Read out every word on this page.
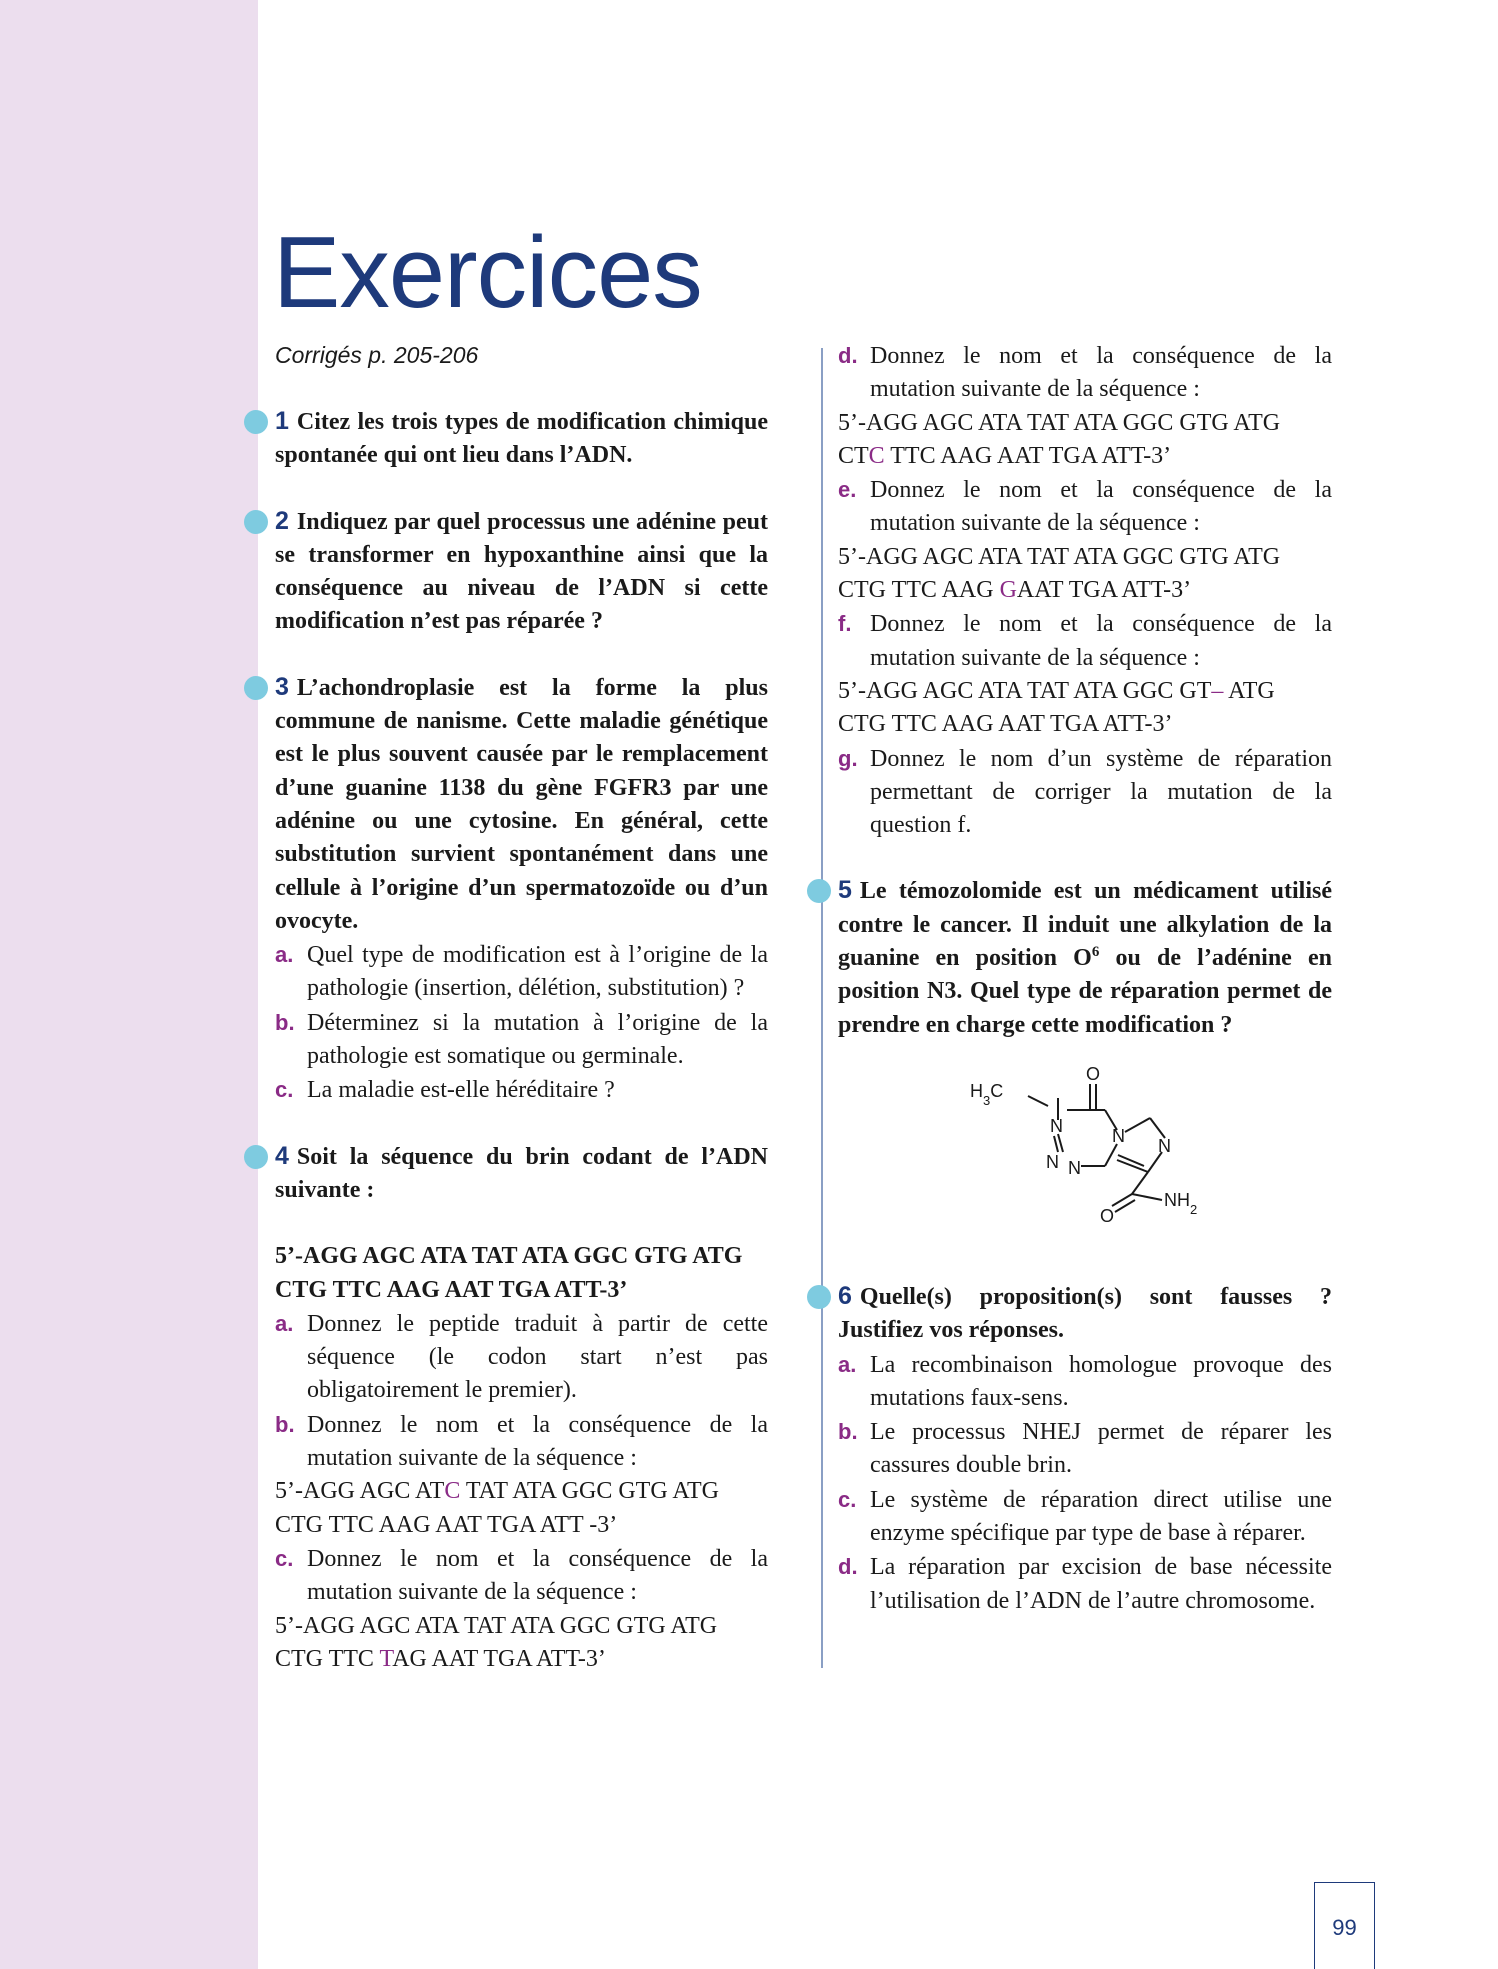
Exercices
Corrigés p. 205-206

1 Citez les trois types de modification chimique spontanée qui ont lieu dans l’ADN.

2 Indiquez par quel processus une adénine peut se transformer en hypoxanthine ainsi que la conséquence au niveau de l’ADN si cette modification n’est pas réparée ?

3 L’achondroplasie est la forme la plus commune de nanisme. Cette maladie génétique est le plus souvent causée par le remplacement d’une guanine 1138 du gène FGFR3 par une adénine ou une cytosine. En général, cette substitution survient spontanément dans une cellule à l’origine d’un spermatozoïde ou d’un ovocyte.

a. Quel type de modification est à l’origine de la pathologie (insertion, délétion, substitution) ?

b. Déterminez si la mutation à l’origine de la pathologie est somatique ou germinale.

c. La maladie est-elle héréditaire ?

4 Soit la séquence du brin codant de l’ADN suivante :

5’-AGG AGC ATA TAT ATA GGC GTG ATG

CTG TTC AAG AAT TGA ATT-3’

a. Donnez le peptide traduit à partir de cette séquence (le codon start n’est pas obligatoirement le premier).

b. Donnez le nom et la conséquence de la mutation suivante de la séquence :

5’-AGG AGC ATC TAT ATA GGC GTG ATG

CTG TTC AAG AAT TGA ATT -3’

c. Donnez le nom et la conséquence de la mutation suivante de la séquence :

5’-AGG AGC ATA TAT ATA GGC GTG ATG

CTG TTC TAG AAT TGA ATT-3’

d. Donnez le nom et la conséquence de la mutation suivante de la séquence :

5’-AGG AGC ATA TAT ATA GGC GTG ATG

CTC TTC AAG AAT TGA ATT-3’

e. Donnez le nom et la conséquence de la mutation suivante de la séquence :

5’-AGG AGC ATA TAT ATA GGC GTG ATG

CTG TTC AAG GAAT TGA ATT-3’

f. Donnez le nom et la conséquence de la mutation suivante de la séquence :

5’-AGG AGC ATA TAT ATA GGC GT– ATG

CTG TTC AAG AAT TGA ATT-3’

g. Donnez le nom d’un système de réparation permettant de corriger la mutation de la question f.

5 Le témozolomide est un médicament utilisé contre le cancer. Il induit une alkylation de la guanine en position $O^6$ ou de l’adénine en position N3. Quel type de réparation permet de prendre en charge cette modification ?

6 Quelle(s) proposition(s) sont fausses ? Justifiez vos réponses.

a. La recombinaison homologue provoque des mutations faux-sens.

b. Le processus NHEJ permet de réparer les cassures double brin.

c. Le système de réparation direct utilise une enzyme spécifique par type de base à réparer.

d. La réparation par excision de base nécessite l’utilisation de l’ADN de l’autre chromosome.

$H_3C$
N
N N
N N
O
O
$NH_2$
99
